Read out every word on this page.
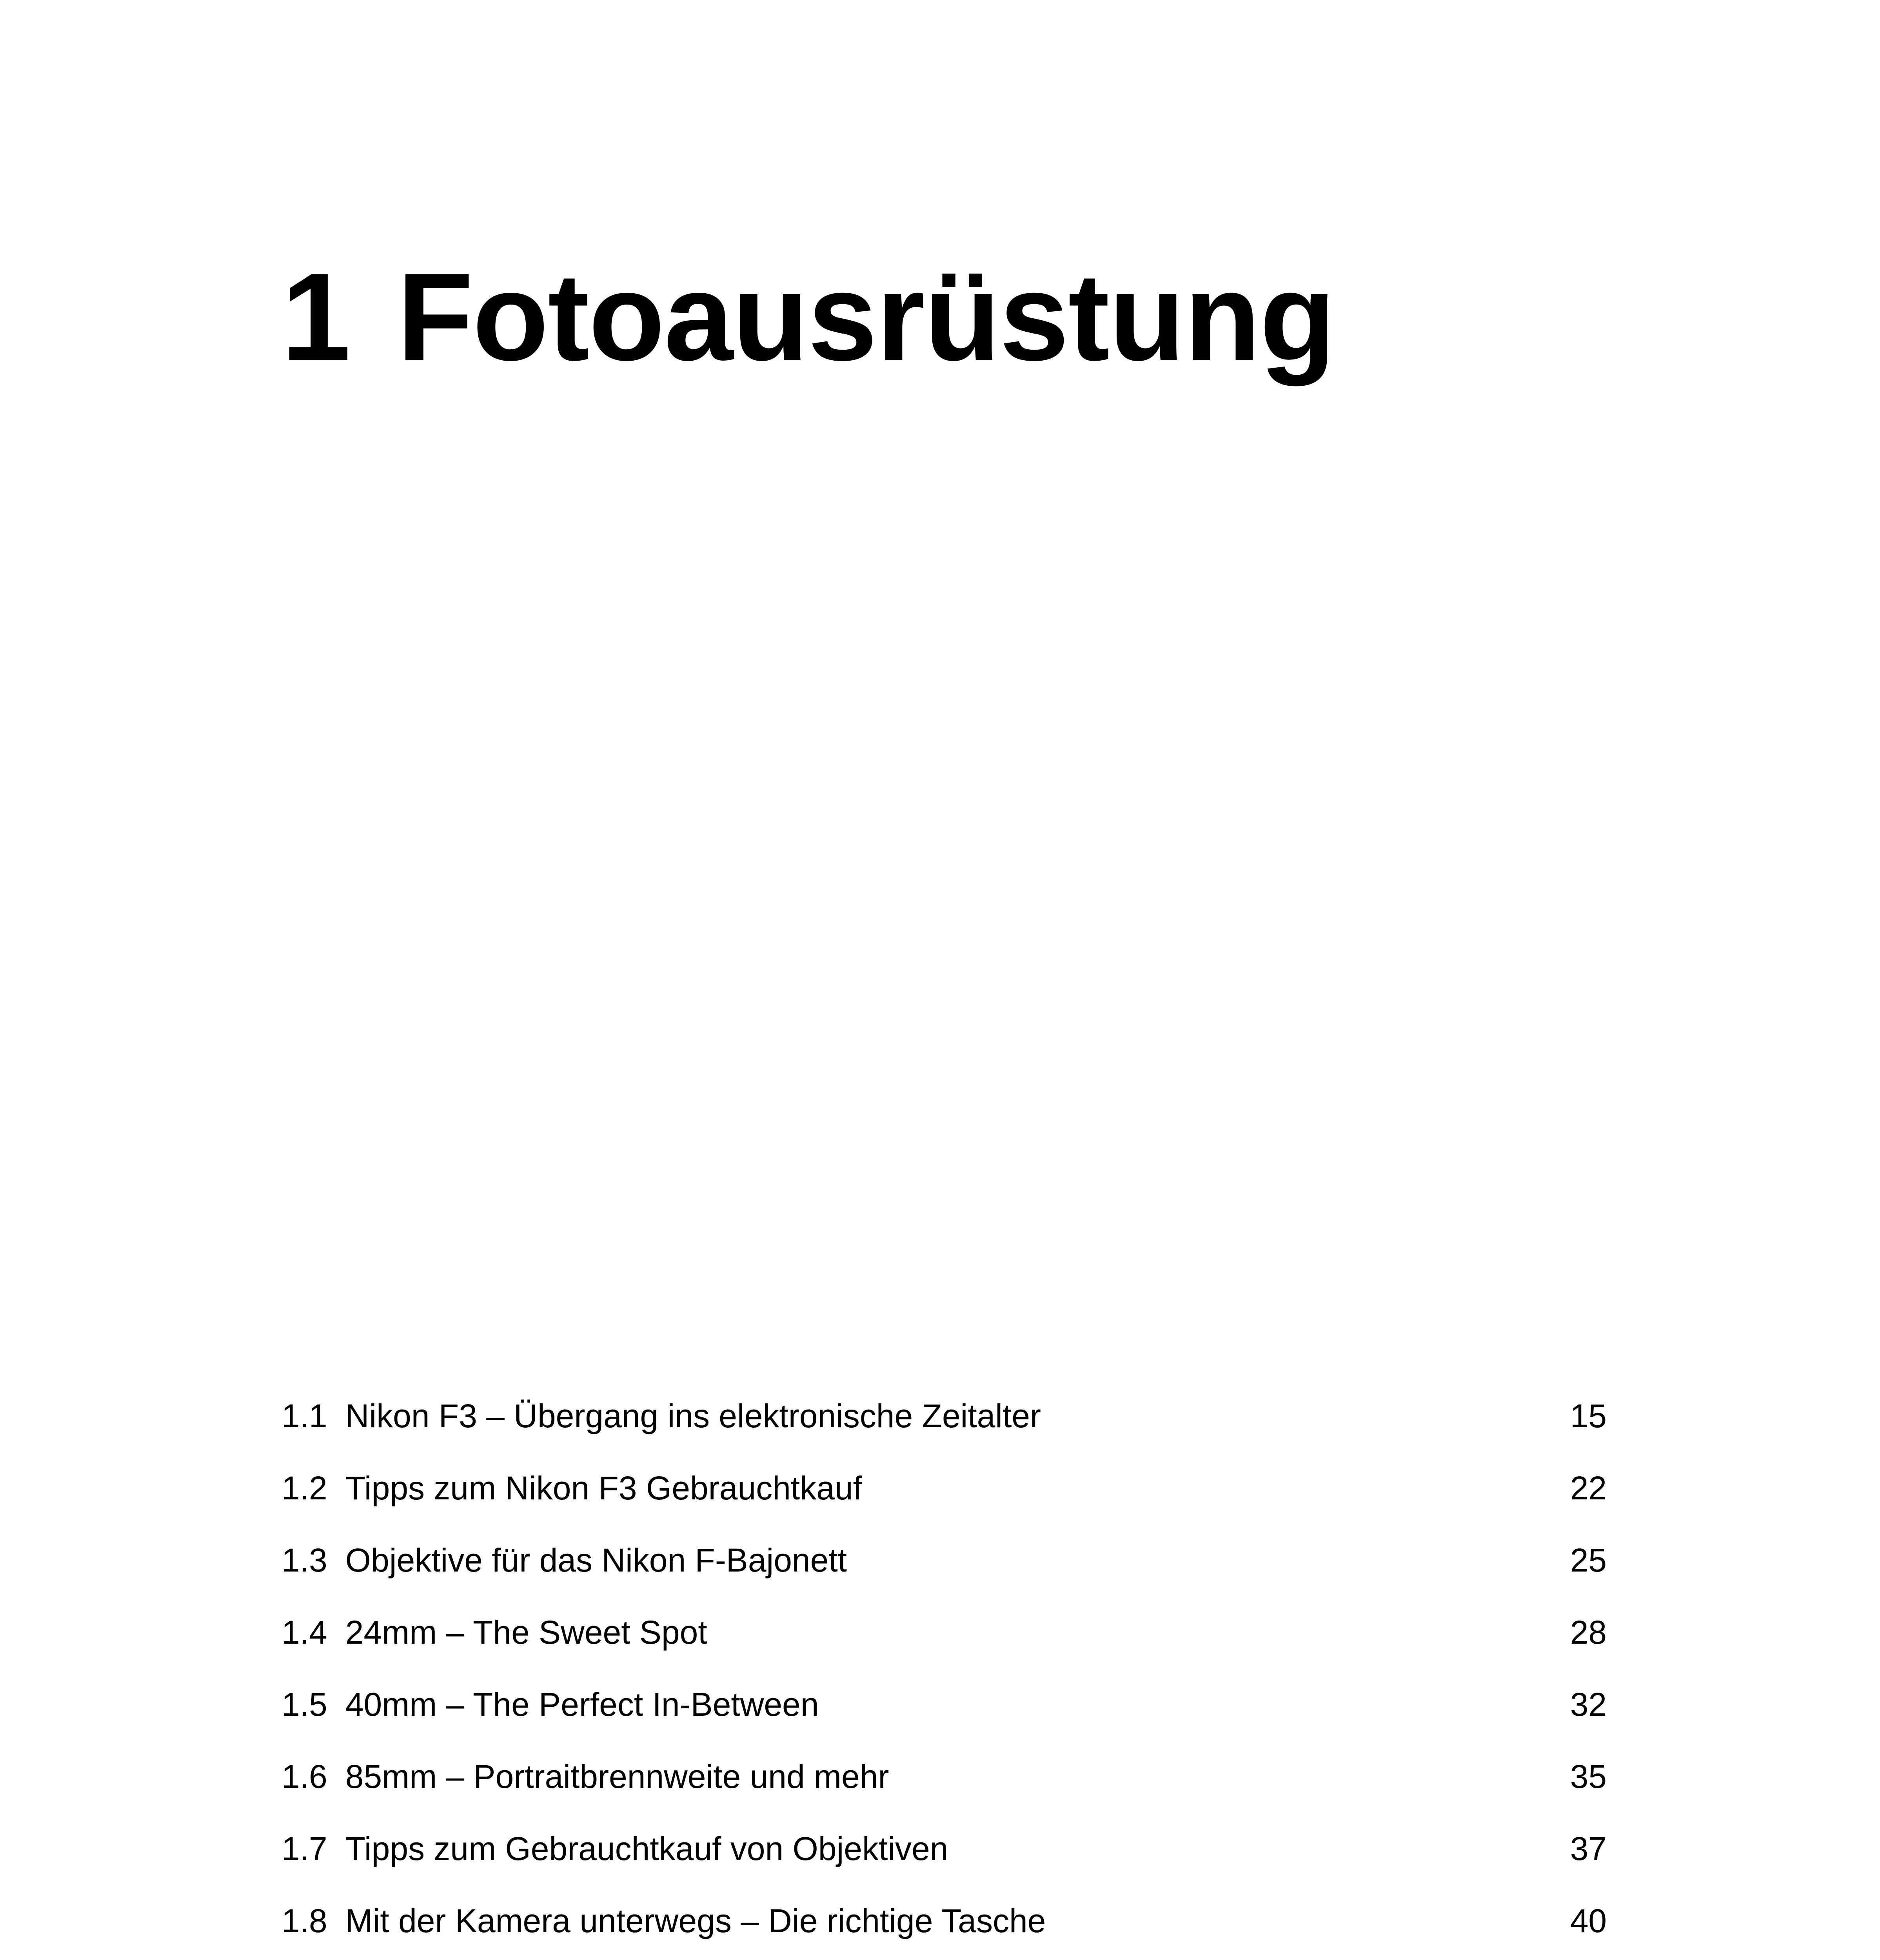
1 Fotoausrüstung
1.1 Nikon F3 – Übergang ins elektronische Zeitalter	15
1.2 Tipps zum Nikon F3 Gebrauchtkauf	22
1.3 Objektive für das Nikon F-Bajonett	25
1.4 24mm – The Sweet Spot	28
1.5 40mm – The Perfect In-Between	32
1.6 85mm – Portraitbrennweite und mehr	35
1.7 Tipps zum Gebrauchtkauf von Objektiven	37
1.8 Mit der Kamera unterwegs – Die richtige Tasche	40
